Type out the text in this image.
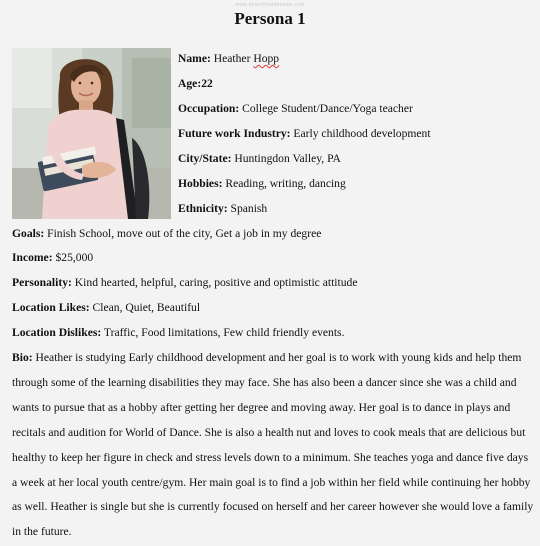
www.deserthealthnews.com
Persona 1

Name: Heather Hopp

Age:22

Occupation: College Student/Dance/Yoga teacher

Future work Industry: Early childhood development

City/State: Huntingdon Valley, PA

Hobbies: Reading, writing, dancing

Ethnicity: Spanish

Goals: Finish School, move out of the city, Get a job in my degree

Income: $25,000

Personality: Kind hearted, helpful, caring, positive and optimistic attitude

Location Likes: Clean, Quiet, Beautiful

Location Dislikes: Traffic, Food limitations, Few child friendly events.

Bio: Heather is studying Early childhood development and her goal is to work with young kids and help them

through some of the learning disabilities they may face. She has also been a dancer since she was a child and

wants to pursue that as a hobby after getting her degree and moving away. Her goal is to dance in plays and

recitals and audition for World of Dance. She is also a health nut and loves to cook meals that are delicious but

healthy to keep her figure in check and stress levels down to a minimum. She teaches yoga and dance five days

a week at her local youth centre/gym. Her main goal is to find a job within her field while continuing her hobby

as well. Heather is single but she is currently focused on herself and her career however she would love a family

in the future.
